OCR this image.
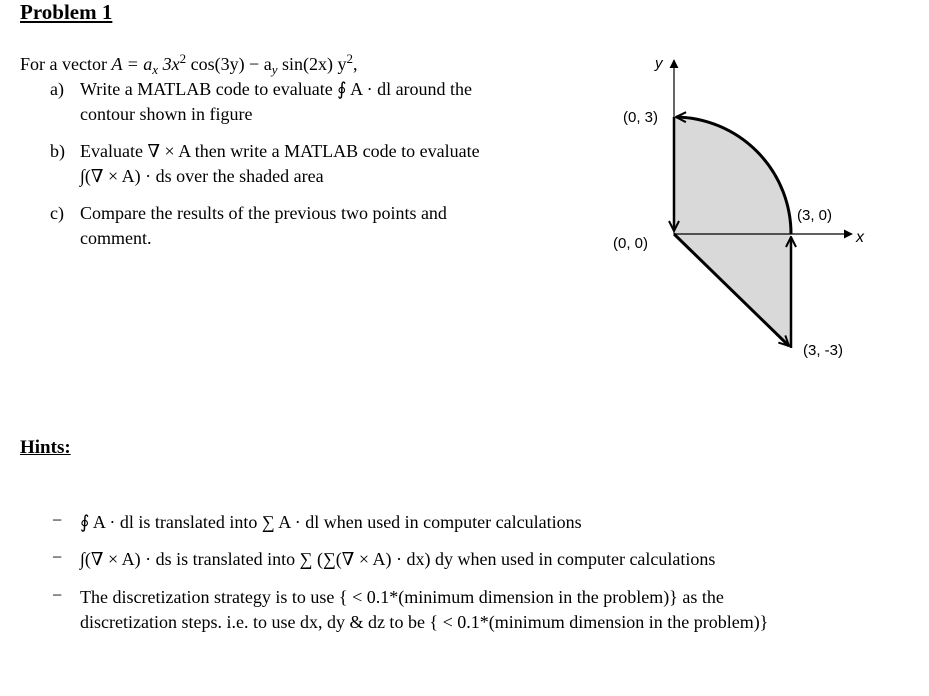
Problem 1
For a vector $A = a_x$ $3x^2$ $\cos(3y) - a_y$ sin(2x) $y^2$,
a) Write a MATLAB code to evaluate ∮ A · dl around the
contour shown in figure
b) Evaluate ∇ × A then write a MATLAB code to evaluate
∫(∇ × A) · ds over the shaded area
c) Compare the results of the previous two points and
comment.
y
x
(0, 3)
(0, 0)
(3, 0)
(3, -3)
Hints:
− ∮ A · dl is translated into ∑ A · dl when used in computer calculations
− ∫(∇ × A) · ds is translated into ∑ (∑(∇ × A) · dx) dy when used in computer calculations
− The discretization strategy is to use { < 0.1*(minimum dimension in the problem)} as the
discretization steps. i.e. to use dx, dy & dz to be { < 0.1*(minimum dimension in the problem)}
